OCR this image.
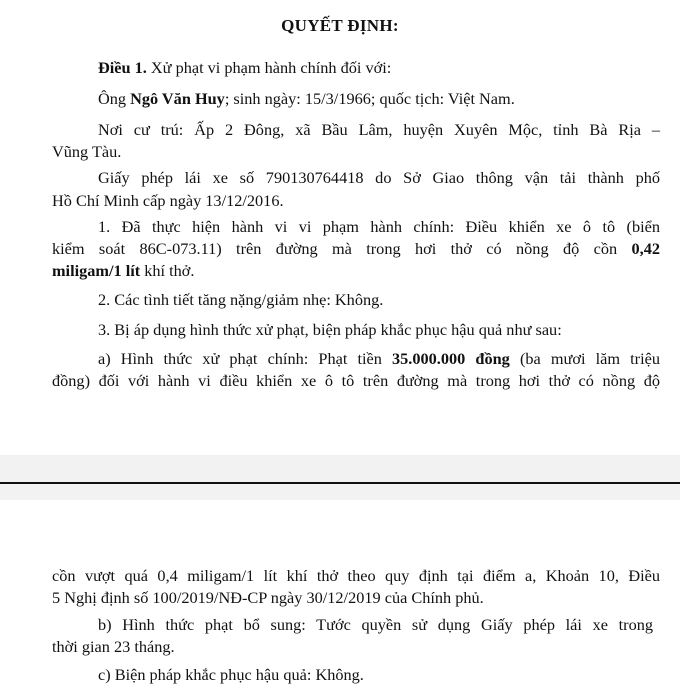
QUYẾT ĐỊNH:
Điều 1. Xử phạt vi phạm hành chính đối với:
Ông Ngô Văn Huy; sinh ngày: 15/3/1966; quốc tịch: Việt Nam.
Nơi cư trú: Ấp 2 Đông, xã Bầu Lâm, huyện Xuyên Mộc, tỉnh Bà Rịa –
Vũng Tàu.
Giấy phép lái xe số 790130764418 do Sở Giao thông vận tải thành phố
Hồ Chí Minh cấp ngày 13/12/2016.
1. Đã thực hiện hành vi vi phạm hành chính: Điều khiển xe ô tô (biển
kiểm soát 86C-073.11) trên đường mà trong hơi thở có nồng độ cồn 0,42
miligam/1 lít khí thở.
2. Các tình tiết tăng nặng/giảm nhẹ: Không.
3. Bị áp dụng hình thức xử phạt, biện pháp khắc phục hậu quả như sau:
a) Hình thức xử phạt chính: Phạt tiền 35.000.000 đồng (ba mươi lăm triệu
đồng) đối với hành vi điều khiển xe ô tô trên đường mà trong hơi thở có nồng độ
cồn vượt quá 0,4 miligam/1 lít khí thở theo quy định tại điểm a, Khoản 10, Điều
5 Nghị định số 100/2019/NĐ-CP ngày 30/12/2019 của Chính phủ.
b) Hình thức phạt bổ sung: Tước quyền sử dụng Giấy phép lái xe trong
thời gian 23 tháng.
c) Biện pháp khắc phục hậu quả: Không.
